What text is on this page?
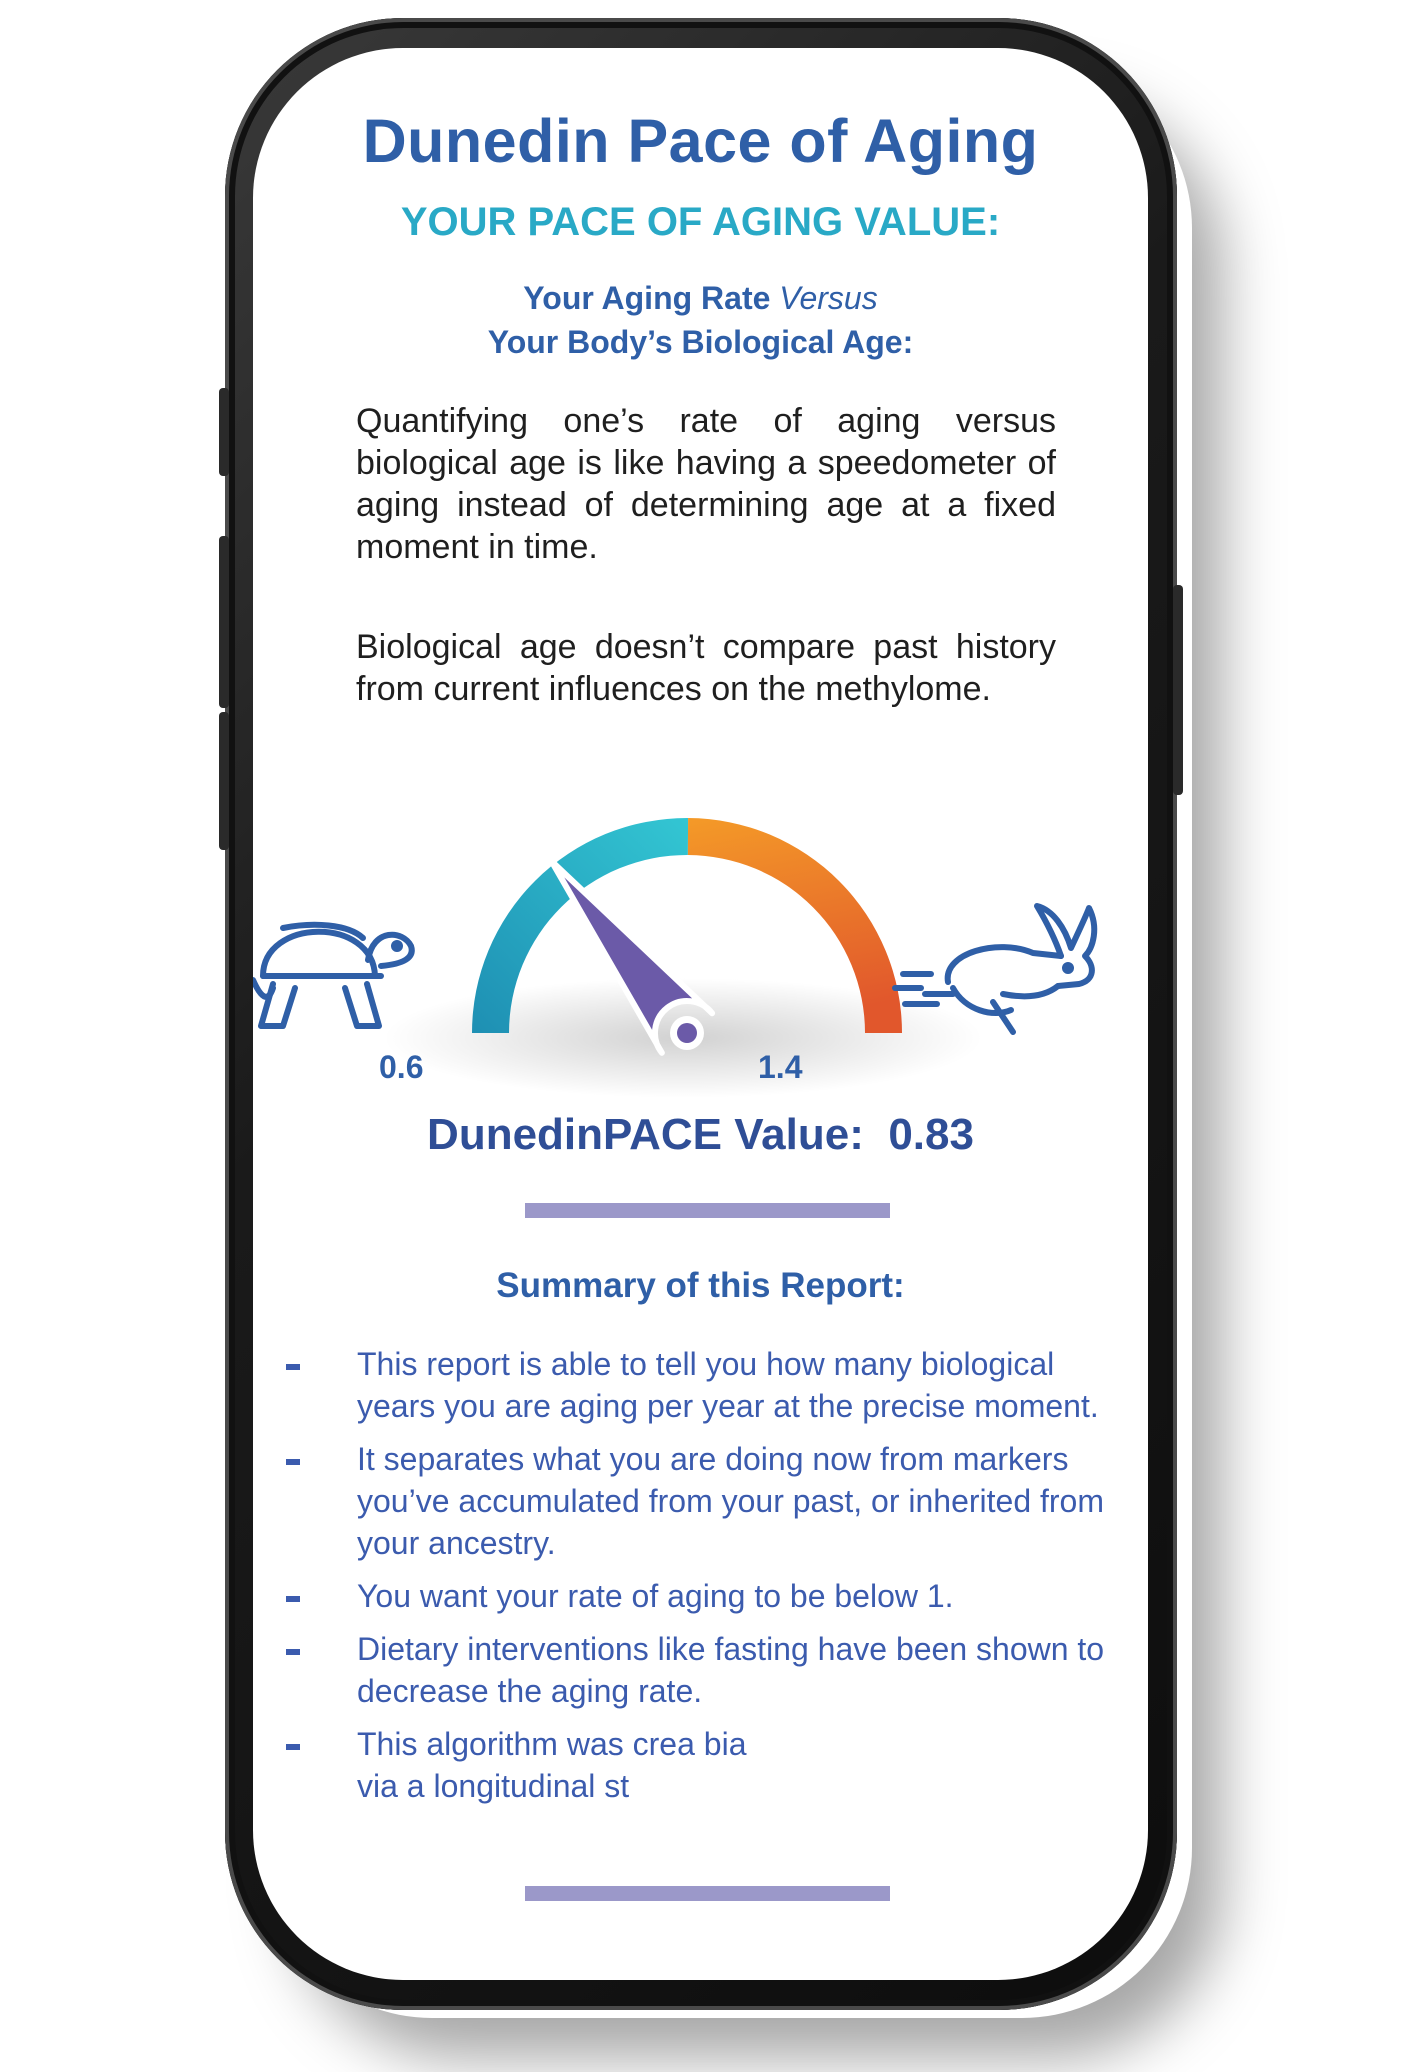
Dunedin Pace of Aging
YOUR PACE OF AGING VALUE:
Your Aging Rate Versus
Your Body’s Biological Age:

Quantifying one’s rate of aging versus biological age is like having a speedometer of aging instead of determining age at a fixed moment in time.

Biological age doesn’t compare past history from current influences on the methylome.

0.6	1.4
DunedinPACE Value: 0.83
Summary of this Report:
This report is able to tell you how many biological years you are aging per year at the precise moment.
It separates what you are doing now from markers you’ve accumulated from your past, or inherited from your ancestry.
You want your rate of aging to be below 1.
Dietary interventions like fasting have been shown to decrease the aging rate.
This algorithm was crea bia via a longitudinal st
